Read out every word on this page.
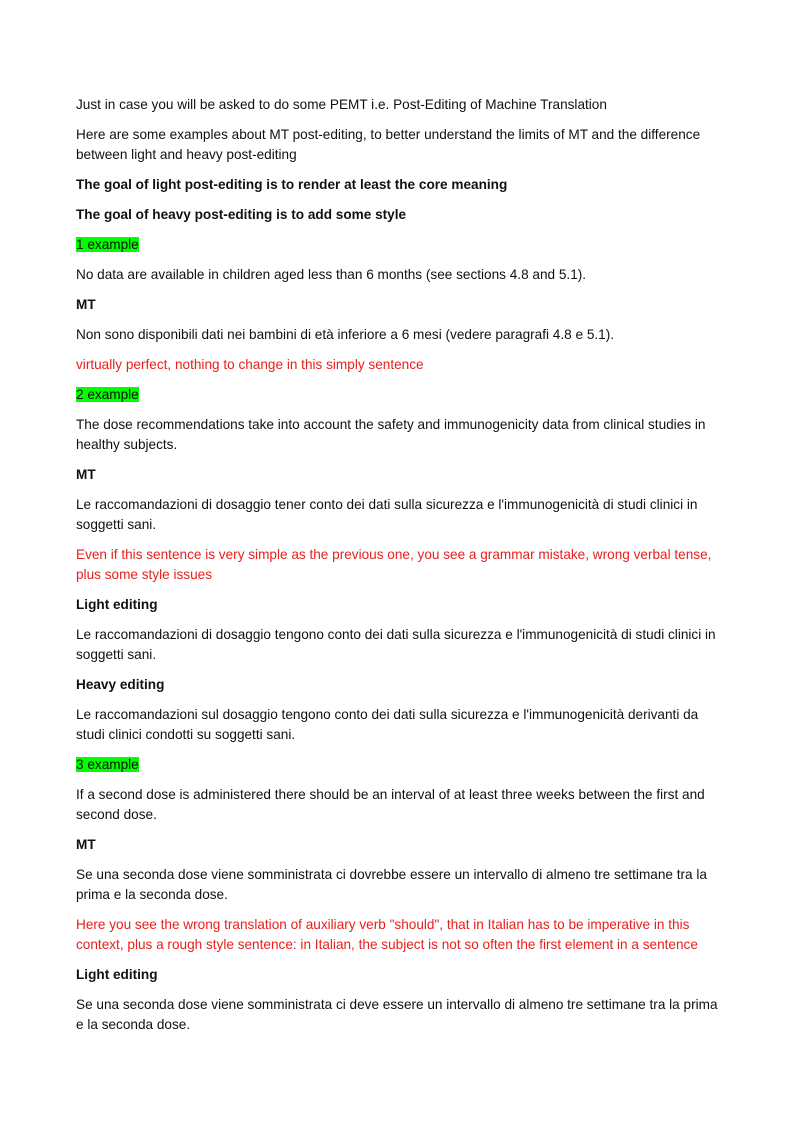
Just in case you will be asked to do some PEMT i.e. Post-Editing of Machine Translation

Here are some examples about MT post-editing, to better understand the limits of MT and the difference between light and heavy post-editing

The goal of light post-editing is to render at least the core meaning

The goal of heavy post-editing is to add some style

1 example

No data are available in children aged less than 6 months (see sections 4.8 and 5.1).

MT

Non sono disponibili dati nei bambini di età inferiore a 6 mesi (vedere paragrafi 4.8 e 5.1).

virtually perfect, nothing to change in this simply sentence

2 example

The dose recommendations take into account the safety and immunogenicity data from clinical studies in healthy subjects.

MT

Le raccomandazioni di dosaggio tener conto dei dati sulla sicurezza e l'immunogenicità di studi clinici in soggetti sani.

Even if this sentence is very simple as the previous one, you see a grammar mistake, wrong verbal tense, plus some style issues

Light editing

Le raccomandazioni di dosaggio tengono conto dei dati sulla sicurezza e l'immunogenicità di studi clinici in soggetti sani.

Heavy editing

Le raccomandazioni sul dosaggio tengono conto dei dati sulla sicurezza e l'immunogenicità derivanti da studi clinici condotti su soggetti sani.

3 example

If a second dose is administered there should be an interval of at least three weeks between the first and second dose.

MT

Se una seconda dose viene somministrata ci dovrebbe essere un intervallo di almeno tre settimane tra la prima e la seconda dose.

Here you see the wrong translation of auxiliary verb "should", that in Italian has to be imperative in this context, plus a rough style sentence: in Italian, the subject is not so often the first element in a sentence

Light editing

Se una seconda dose viene somministrata ci deve essere un intervallo di almeno tre settimane tra la prima e la seconda dose.
